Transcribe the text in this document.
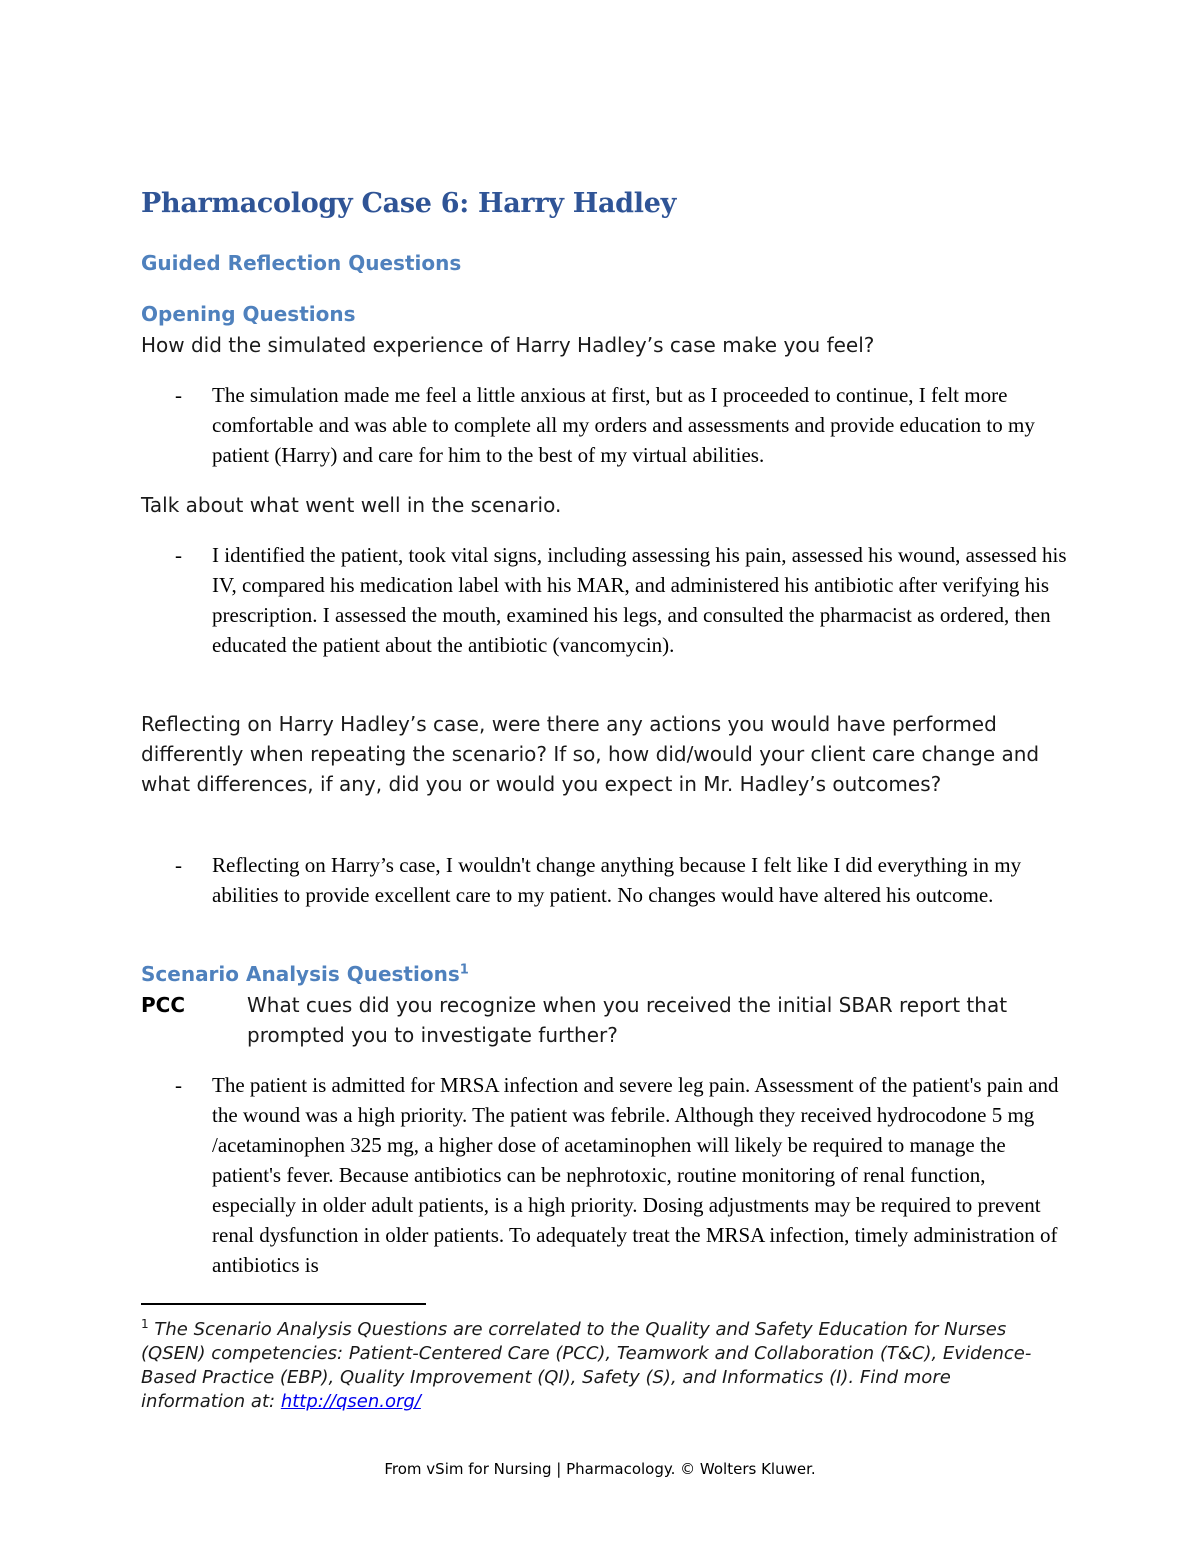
Pharmacology Case 6: Harry Hadley
Guided Reflection Questions
Opening Questions

How did the simulated experience of Harry Hadley’s case make you feel?

- The simulation made me feel a little anxious at first, but as I proceeded to continue, I felt more comfortable and was able to complete all my orders and assessments and provide education to my patient (Harry) and care for him to the best of my virtual abilities.

Talk about what went well in the scenario.

- I identified the patient, took vital signs, including assessing his pain, assessed his wound, assessed his IV, compared his medication label with his MAR, and administered his antibiotic after verifying his prescription. I assessed the mouth, examined his legs, and consulted the pharmacist as ordered, then educated the patient about the antibiotic (vancomycin).

Reflecting on Harry Hadley’s case, were there any actions you would have performed differently when repeating the scenario? If so, how did/would your client care change and what differences, if any, did you or would you expect in Mr. Hadley’s outcomes?

- Reflecting on Harry’s case, I wouldn't change anything because I felt like I did everything in my abilities to provide excellent care to my patient. No changes would have altered his outcome.
Scenario Analysis Questions$^1$
PCC	What cues did you recognize when you received the initial SBAR report that prompted you to investigate further?

- The patient is admitted for MRSA infection and severe leg pain. Assessment of the patient's pain and the wound was a high priority. The patient was febrile. Although they received hydrocodone 5 mg /acetaminophen 325 mg, a higher dose of acetaminophen will likely be required to manage the patient's fever. Because antibiotics can be nephrotoxic, routine monitoring of renal function, especially in older adult patients, is a high priority. Dosing adjustments may be required to prevent renal dysfunction in older patients. To adequately treat the MRSA infection, timely administration of antibiotics is

$^1$ The Scenario Analysis Questions are correlated to the Quality and Safety Education for Nurses (QSEN) competencies: Patient-Centered Care (PCC), Teamwork and Collaboration (T&C), Evidence-Based Practice (EBP), Quality Improvement (QI), Safety (S), and Informatics (I). Find more information at: http://qsen.org/

From vSim for Nursing | Pharmacology. © Wolters Kluwer.
